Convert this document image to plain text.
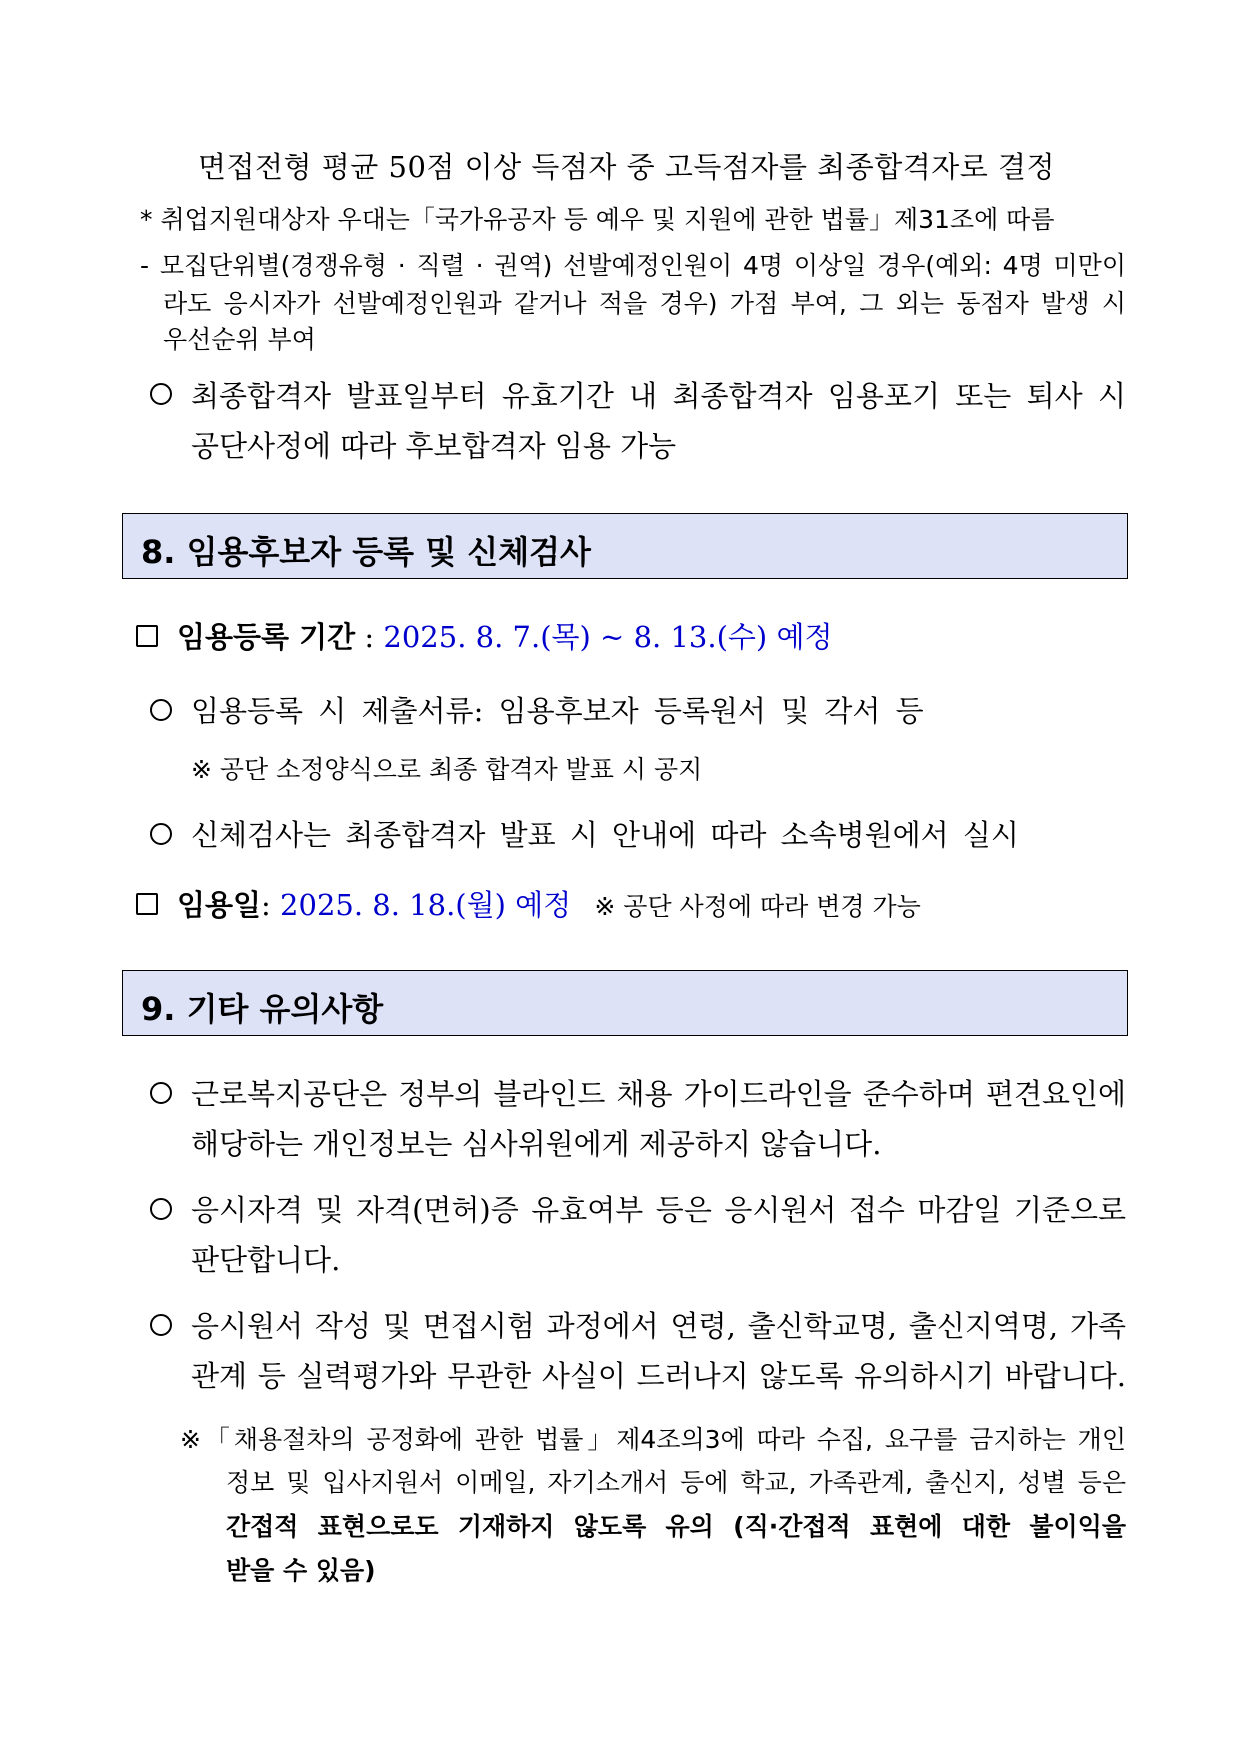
면접전형 평균 50점 이상 득점자 중 고득점자를 최종합격자로 결정
* 취업지원대상자 우대는「국가유공자 등 예우 및 지원에 관한 법률」제31조에 따름
- 모집단위별(경쟁유형 · 직렬 · 권역) 선발예정인원이 4명 이상일 경우(예외: 4명 미만이
라도 응시자가 선발예정인원과 같거나 적을 경우) 가점 부여, 그 외는 동점자 발생 시
우선순위 부여
최종합격자 발표일부터 유효기간 내 최종합격자 임용포기 또는 퇴사 시
공단사정에 따라 후보합격자 임용 가능
8. 임용후보자 등록 및 신체검사
임용등록 기간 : 2025. 8. 7.(목) ~ 8. 13.(수) 예정
임용등록 시 제출서류: 임용후보자 등록원서 및 각서 등
※ 공단 소정양식으로 최종 합격자 발표 시 공지
신체검사는 최종합격자 발표 시 안내에 따라 소속병원에서 실시
임용일: 2025. 8. 18.(월) 예정 ※ 공단 사정에 따라 변경 가능
9. 기타 유의사항
근로복지공단은 정부의 블라인드 채용 가이드라인을 준수하며 편견요인에
해당하는 개인정보는 심사위원에게 제공하지 않습니다.
응시자격 및 자격(면허)증 유효여부 등은 응시원서 접수 마감일 기준으로
판단합니다.
응시원서 작성 및 면접시험 과정에서 연령, 출신학교명, 출신지역명, 가족
관계 등 실력평가와 무관한 사실이 드러나지 않도록 유의하시기 바랍니다.
※「채용절차의 공정화에 관한 법률」제4조의3에 따라 수집, 요구를 금지하는 개인
정보 및 입사지원서 이메일, 자기소개서 등에 학교, 가족관계, 출신지, 성별 등은
간접적 표현으로도 기재하지 않도록 유의 (직·간접적 표현에 대한 불이익을
받을 수 있음)
